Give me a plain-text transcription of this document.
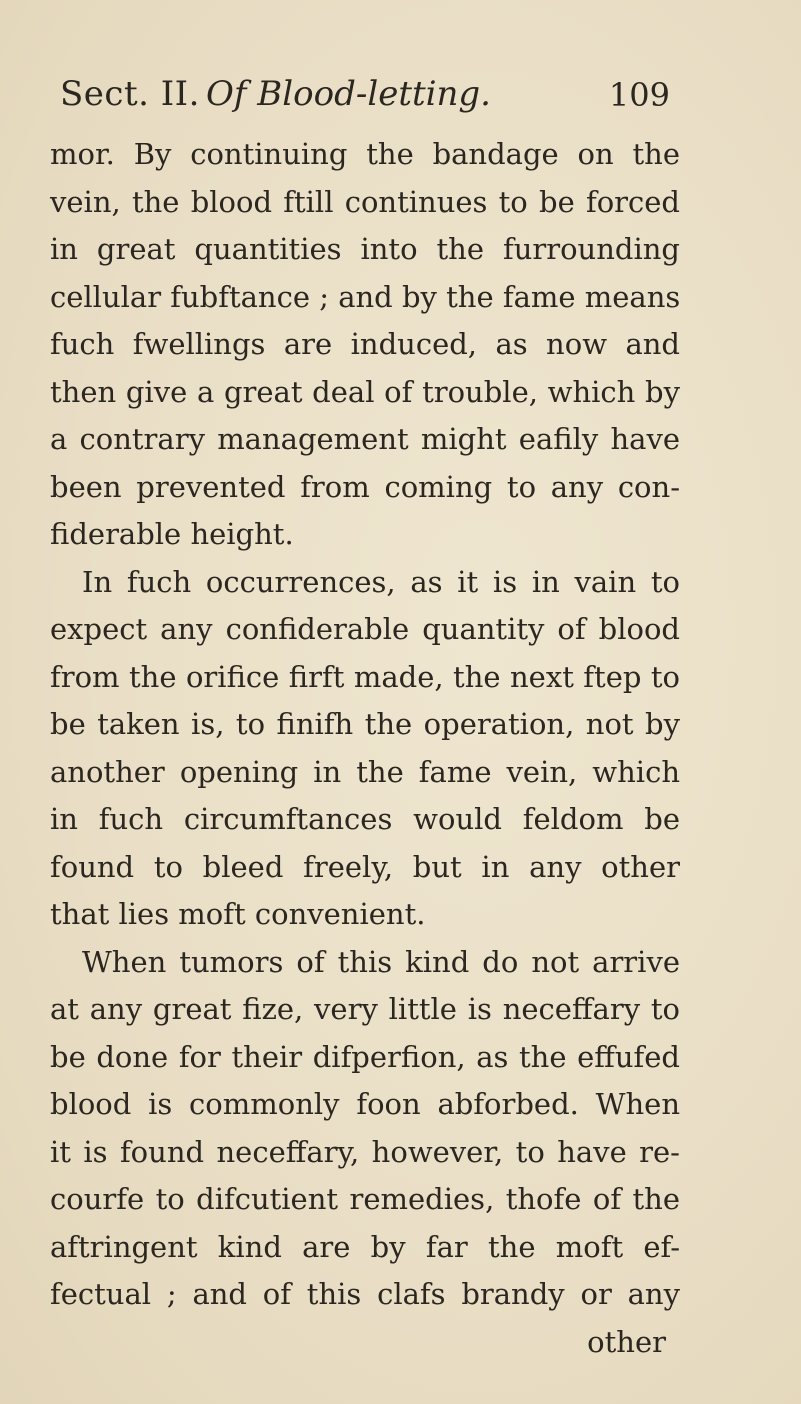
Sect. II. Of Blood-letting.	109
mor. By continuing the bandage on the
vein, the blood ftill continues to be forced
in great quantities into the furrounding
cellular fubftance ; and by the fame means
fuch fwellings are induced, as now and
then give a great deal of trouble, which by
a contrary management might eafily have
been prevented from coming to any con-
fiderable height.
In fuch occurrences, as it is in vain to
expect any confiderable quantity of blood
from the orifice firft made, the next ftep to
be taken is, to finifh the operation, not by
another opening in the fame vein, which
in fuch circumftances would feldom be
found to bleed freely, but in any other
that lies moft convenient.
When tumors of this kind do not arrive
at any great fize, very little is neceffary to
be done for their difperfion, as the effufed
blood is commonly foon abforbed. When
it is found neceffary, however, to have re-
courfe to difcutient remedies, thofe of the
aftringent kind are by far the moft ef-
fectual ; and of this clafs brandy or any
other
